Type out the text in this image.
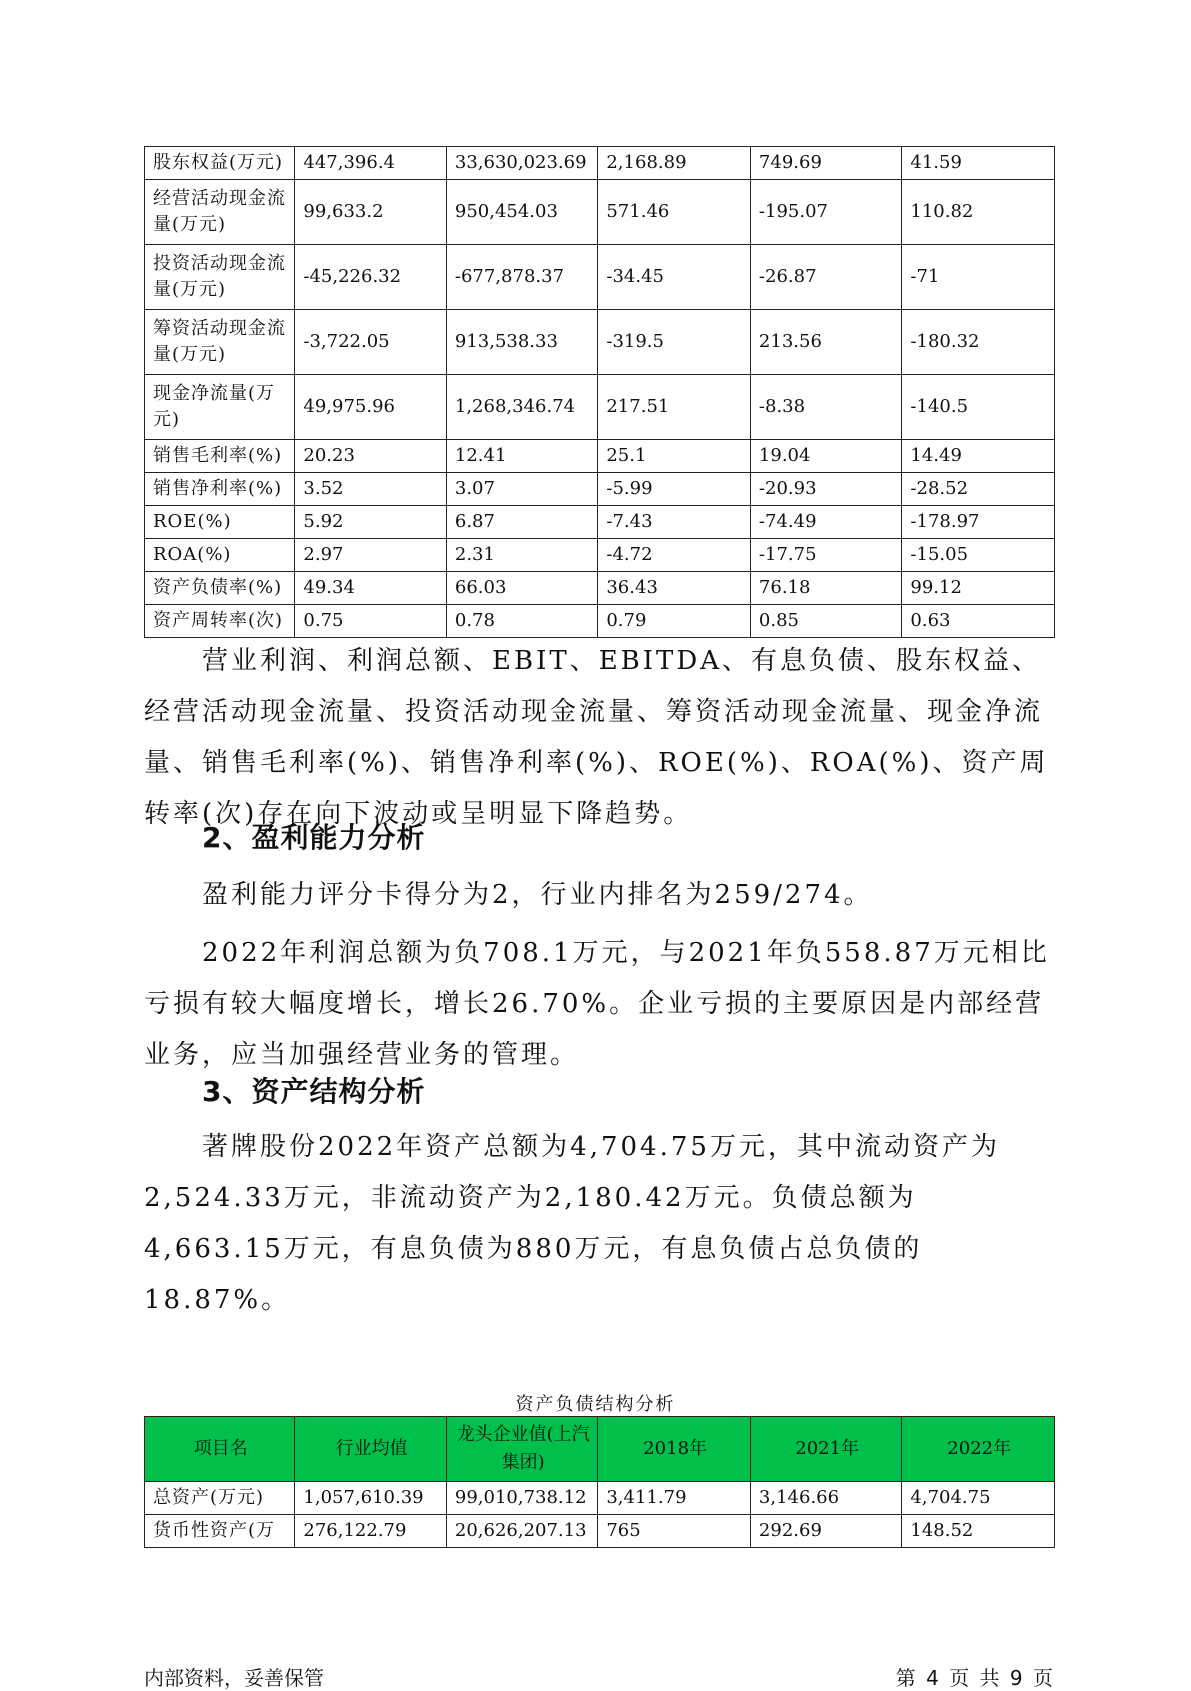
股东权益(万元)	447,396.4	33,630,023.69	2,168.89	749.69	41.59
经营活动现金流量(万元)	99,633.2	950,454.03	571.46	-195.07	110.82
投资活动现金流量(万元)	-45,226.32	-677,878.37	-34.45	-26.87	-71
筹资活动现金流量(万元)	-3,722.05	913,538.33	-319.5	213.56	-180.32
现金净流量(万元)	49,975.96	1,268,346.74	217.51	-8.38	-140.5
销售毛利率(%)	20.23	12.41	25.1	19.04	14.49
销售净利率(%)	3.52	3.07	-5.99	-20.93	-28.52
ROE(%)	5.92	6.87	-7.43	-74.49	-178.97
ROA(%)	2.97	2.31	-4.72	-17.75	-15.05
资产负债率(%)	49.34	66.03	36.43	76.18	99.12
资产周转率(次)	0.75	0.78	0.79	0.85	0.63

营业利润、利润总额、EBIT、EBITDA、有息负债、股东权益、经营活动现金流量、投资活动现金流量、筹资活动现金流量、现金净流量、销售毛利率(%)、销售净利率(%)、ROE(%)、ROA(%)、资产周转率(次)存在向下波动或呈明显下降趋势。

2、盈利能力分析

盈利能力评分卡得分为2，行业内排名为259/274。

2022年利润总额为负708.1万元，与2021年负558.87万元相比亏损有较大幅度增长，增长26.70%。企业亏损的主要原因是内部经营业务，应当加强经营业务的管理。

3、资产结构分析

著牌股份2022年资产总额为4,704.75万元，其中流动资产为2,524.33万元，非流动资产为2,180.42万元。负债总额为4,663.15万元，有息负债为880万元，有息负债占总负债的18.87%。

资产负债结构分析
项目名	行业均值	龙头企业值(上汽集团)	2018年	2021年	2022年
总资产(万元)	1,057,610.39	99,010,738.12	3,411.79	3,146.66	4,704.75
货币性资产(万	276,122.79	20,626,207.13	765	292.69	148.52
内部资料，妥善保管	第 4 页 共 9 页
